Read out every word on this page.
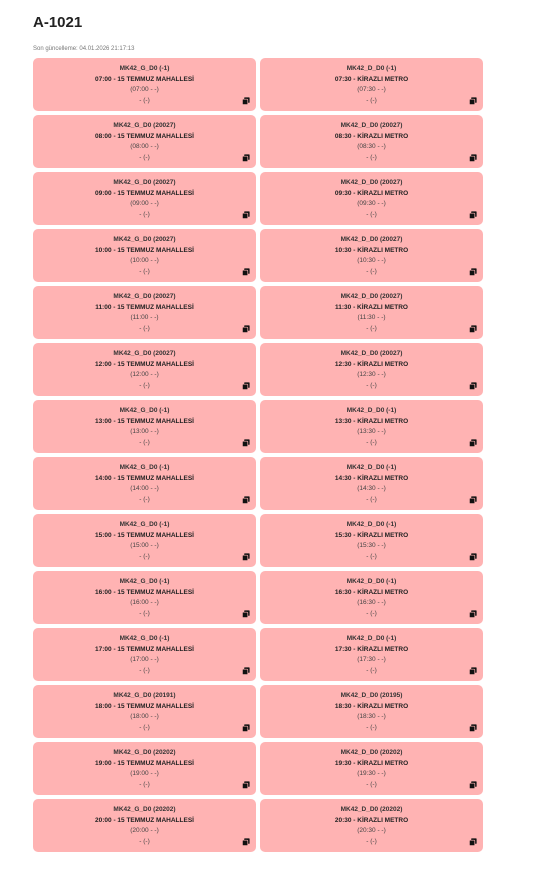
A-1021
Son güncelleme: 04.01.2026 21:17:13
MK42_G_D0 (-1)
07:00 - 15 TEMMUZ MAHALLESİ
(07:00 - -)
- (-)
MK42_D_D0 (-1)
07:30 - KİRAZLI METRO
(07:30 - -)
- (-)
MK42_G_D0 (20027)
08:00 - 15 TEMMUZ MAHALLESİ
(08:00 - -)
- (-)
MK42_D_D0 (20027)
08:30 - KİRAZLI METRO
(08:30 - -)
- (-)
MK42_G_D0 (20027)
09:00 - 15 TEMMUZ MAHALLESİ
(09:00 - -)
- (-)
MK42_D_D0 (20027)
09:30 - KİRAZLI METRO
(09:30 - -)
- (-)
MK42_G_D0 (20027)
10:00 - 15 TEMMUZ MAHALLESİ
(10:00 - -)
- (-)
MK42_D_D0 (20027)
10:30 - KİRAZLI METRO
(10:30 - -)
- (-)
MK42_G_D0 (20027)
11:00 - 15 TEMMUZ MAHALLESİ
(11:00 - -)
- (-)
MK42_D_D0 (20027)
11:30 - KİRAZLI METRO
(11:30 - -)
- (-)
MK42_G_D0 (20027)
12:00 - 15 TEMMUZ MAHALLESİ
(12:00 - -)
- (-)
MK42_D_D0 (20027)
12:30 - KİRAZLI METRO
(12:30 - -)
- (-)
MK42_G_D0 (-1)
13:00 - 15 TEMMUZ MAHALLESİ
(13:00 - -)
- (-)
MK42_D_D0 (-1)
13:30 - KİRAZLI METRO
(13:30 - -)
- (-)
MK42_G_D0 (-1)
14:00 - 15 TEMMUZ MAHALLESİ
(14:00 - -)
- (-)
MK42_D_D0 (-1)
14:30 - KİRAZLI METRO
(14:30 - -)
- (-)
MK42_G_D0 (-1)
15:00 - 15 TEMMUZ MAHALLESİ
(15:00 - -)
- (-)
MK42_D_D0 (-1)
15:30 - KİRAZLI METRO
(15:30 - -)
- (-)
MK42_G_D0 (-1)
16:00 - 15 TEMMUZ MAHALLESİ
(16:00 - -)
- (-)
MK42_D_D0 (-1)
16:30 - KİRAZLI METRO
(16:30 - -)
- (-)
MK42_G_D0 (-1)
17:00 - 15 TEMMUZ MAHALLESİ
(17:00 - -)
- (-)
MK42_D_D0 (-1)
17:30 - KİRAZLI METRO
(17:30 - -)
- (-)
MK42_G_D0 (20191)
18:00 - 15 TEMMUZ MAHALLESİ
(18:00 - -)
- (-)
MK42_D_D0 (20195)
18:30 - KİRAZLI METRO
(18:30 - -)
- (-)
MK42_G_D0 (20202)
19:00 - 15 TEMMUZ MAHALLESİ
(19:00 - -)
- (-)
MK42_D_D0 (20202)
19:30 - KİRAZLI METRO
(19:30 - -)
- (-)
MK42_G_D0 (20202)
20:00 - 15 TEMMUZ MAHALLESİ
(20:00 - -)
- (-)
MK42_D_D0 (20202)
20:30 - KİRAZLI METRO
(20:30 - -)
- (-)
